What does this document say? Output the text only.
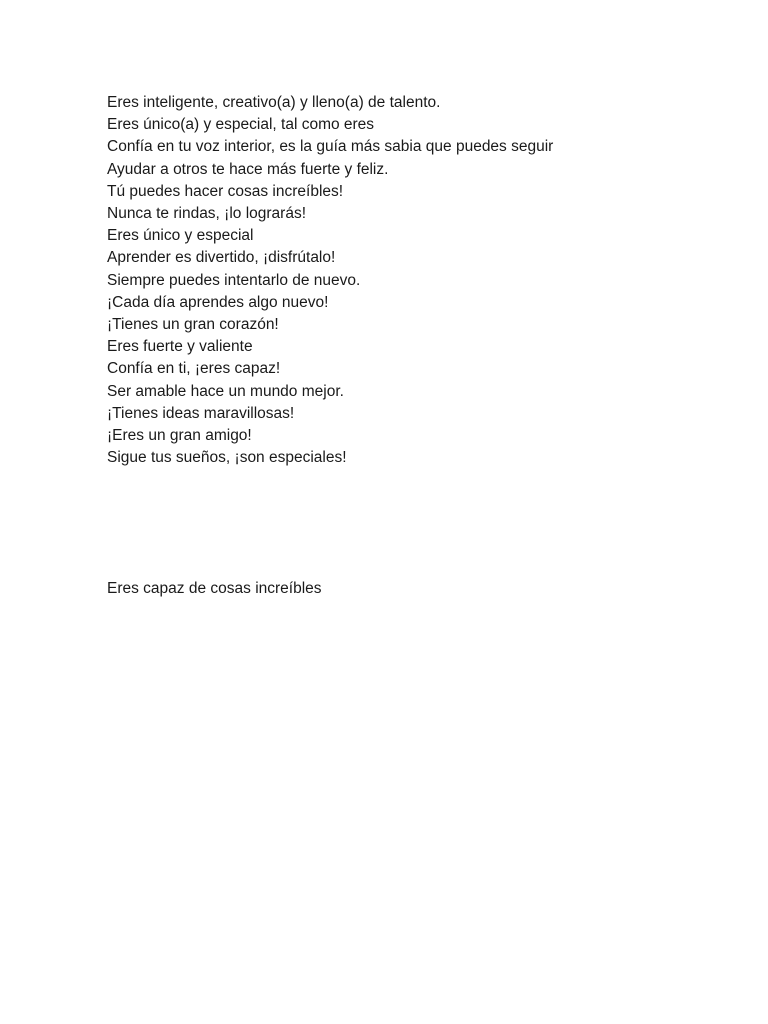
Eres inteligente, creativo(a) y lleno(a) de talento.

Eres único(a) y especial, tal como eres

Confía en tu voz interior, es la guía más sabia que puedes seguir

Ayudar a otros te hace más fuerte y feliz.

Tú puedes hacer cosas increíbles!

Nunca te rindas, ¡lo lograrás!

Eres único y especial

Aprender es divertido, ¡disfrútalo!

Siempre puedes intentarlo de nuevo.

¡Cada día aprendes algo nuevo!

¡Tienes un gran corazón!

Eres fuerte y valiente

Confía en ti, ¡eres capaz!

Ser amable hace un mundo mejor.

¡Tienes ideas maravillosas!

¡Eres un gran amigo!

Sigue tus sueños, ¡son especiales!

Eres capaz de cosas increíbles
